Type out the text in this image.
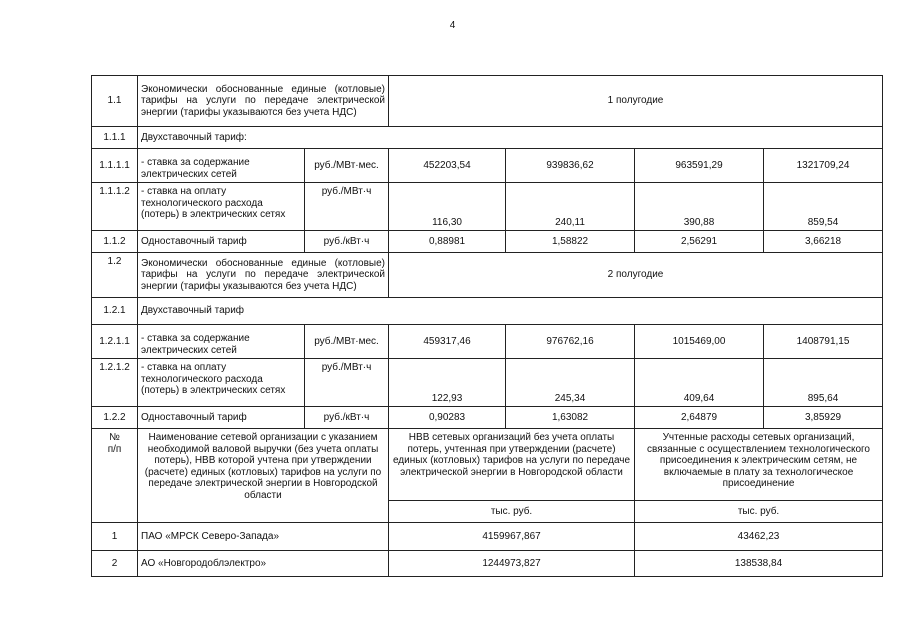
4
1.1	Экономически обоснованные единые (котловые) тарифы на услуги по передаче электрической энергии (тарифы указываются без учета НДС)		1 полугодие			
1.1.1	Двухставочный тариф:					
1.1.1.1	- ставка за содержание электрических сетей	руб./МВт·мес.	452203,54	939836,62	963591,29	1321709,24
1.1.1.2	- ставка на оплату технологического расхода (потерь) в электрических сетях	руб./МВт·ч	116,30	240,11	390,88	859,54
1.1.2	Одноставочный тариф	руб./кВт·ч	0,88981	1,58822	2,56291	3,66218
1.2	Экономически обоснованные единые (котловые) тарифы на услуги по передаче электрической энергии (тарифы указываются без учета НДС)		2 полугодие			
1.2.1	Двухставочный тариф					
1.2.1.1	- ставка за содержание электрических сетей	руб./МВт·мес.	459317,46	976762,16	1015469,00	1408791,15
1.2.1.2	- ставка на оплату технологического расхода (потерь) в электрических сетях	руб./МВт·ч	122,93	245,34	409,64	895,64
1.2.2	Одноставочный тариф	руб./кВт·ч	0,90283	1,63082	2,64879	3,85929
№ п/п	Наименование сетевой организации с указанием необходимой валовой выручки (без учета оплаты потерь), НВВ которой учтена при утверждении (расчете) единых (котловых) тарифов на услуги по передаче электрической энергии в Новгородской области		НВВ сетевых организаций без учета оплаты потерь, учтенная при утверждении (расчете) единых (котловых) тарифов на услуги по передаче электрической энергии в Новгородской области		Учтенные расходы сетевых организаций, связанные с осуществлением технологического присоединения к электрическим сетям, не включаемые в плату за технологическое присоединение	
			тыс. руб.		тыс. руб.	
1	ПАО «МРСК Северо-Запада»		4159967,867		43462,23	
2	АО «Новгородоблэлектро»		1244973,827		138538,84	
